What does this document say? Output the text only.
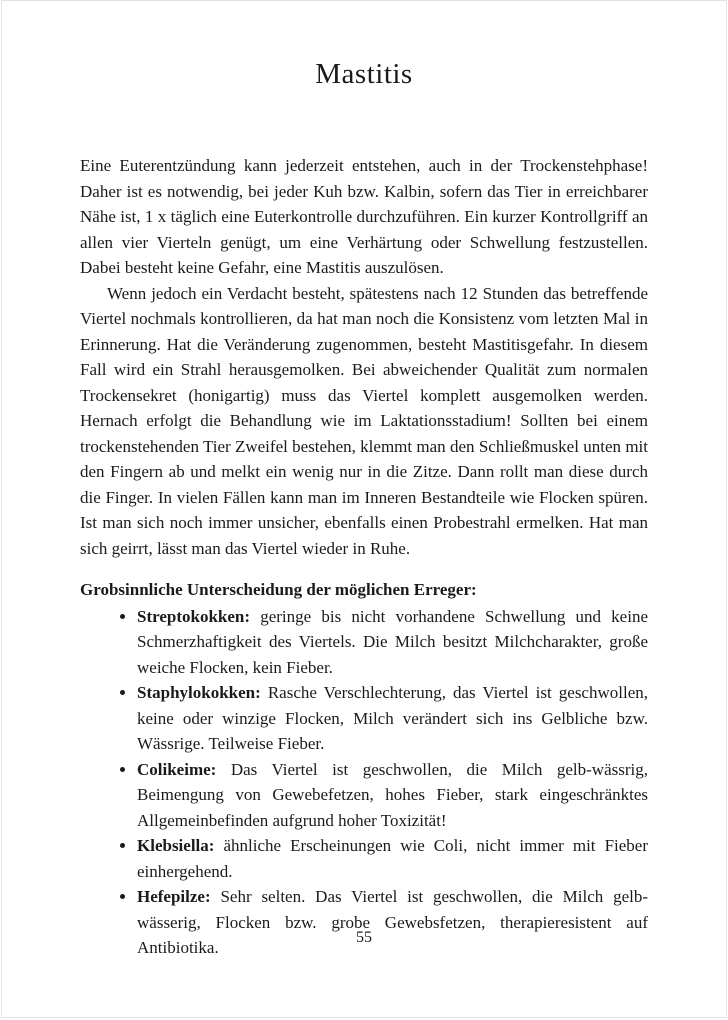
Mastitis

Eine Euterentzündung kann jederzeit entstehen, auch in der Trockenstehphase! Daher ist es notwendig, bei jeder Kuh bzw. Kalbin, sofern das Tier in erreichbarer Nähe ist, 1 x täglich eine Euterkontrolle durchzuführen. Ein kurzer Kontrollgriff an allen vier Vierteln genügt, um eine Verhärtung oder Schwellung festzustellen. Dabei besteht keine Gefahr, eine Mastitis auszulösen.

Wenn jedoch ein Verdacht besteht, spätestens nach 12 Stunden das betreffende Viertel nochmals kontrollieren, da hat man noch die Konsistenz vom letzten Mal in Erinnerung. Hat die Veränderung zugenommen, besteht Mastitisgefahr. In diesem Fall wird ein Strahl herausgemolken. Bei abweichender Qualität zum normalen Trockensekret (honigartig) muss das Viertel komplett ausgemolken werden. Hernach erfolgt die Behandlung wie im Laktationsstadium! Sollten bei einem trockenstehenden Tier Zweifel bestehen, klemmt man den Schließmuskel unten mit den Fingern ab und melkt ein wenig nur in die Zitze. Dann rollt man diese durch die Finger. In vielen Fällen kann man im Inneren Bestandteile wie Flocken spüren. Ist man sich noch immer unsicher, ebenfalls einen Probestrahl ermelken. Hat man sich geirrt, lässt man das Viertel wieder in Ruhe.

Grobsinnliche Unterscheidung der möglichen Erreger:

• Streptokokken: geringe bis nicht vorhandene Schwellung und keine Schmerzhaftigkeit des Viertels. Die Milch besitzt Milchcharakter, große weiche Flocken, kein Fieber.
• Staphylokokken: Rasche Verschlechterung, das Viertel ist geschwollen, keine oder winzige Flocken, Milch verändert sich ins Gelbliche bzw. Wässrige. Teilweise Fieber.
• Colikeime: Das Viertel ist geschwollen, die Milch gelb-wässrig, Beimengung von Gewebefetzen, hohes Fieber, stark eingeschränktes Allgemeinbefinden aufgrund hoher Toxizität!
• Klebsiella: ähnliche Erscheinungen wie Coli, nicht immer mit Fieber einhergehend.
• Hefepilze: Sehr selten. Das Viertel ist geschwollen, die Milch gelb-wässerig, Flocken bzw. grobe Gewebsfetzen, therapieresistent auf Antibiotika.
55
